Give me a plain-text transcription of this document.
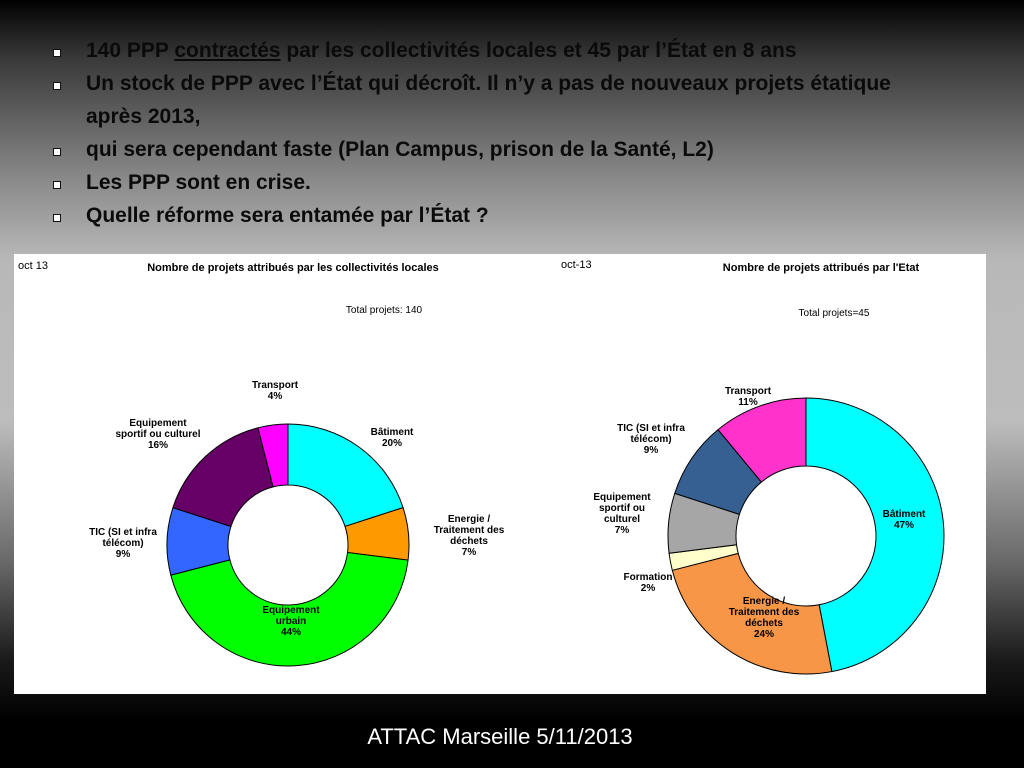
140 PPP contractés par les collectivités locales et 45 par l’État en 8 ans
Un stock de PPP avec l’État qui décroît. Il n’y a pas de nouveaux projets étatique après 2013,
qui sera cependant faste (Plan Campus, prison de la Santé, L2)
Les PPP sont en crise.
Quelle réforme sera entamée par l’État ?
oct 13	Nombre de projets attribués par les collectivités locales
Total projets: 140
Bâtiment 20%
Energie / Traitement des déchets 7%
Equipement urbain 44%
TIC (SI et infra télécom) 9%
Equipement sportif ou culturel 16%
Transport 4%
oct-13	Nombre de projets attribués par l'Etat
Total projets=45
Bâtiment 47%
Energie / Traitement des déchets 24%
Formation 2%
Equipement sportif ou culturel 7%
TIC (SI et infra télécom) 9%
Transport 11%
ATTAC Marseille 5/11/2013
